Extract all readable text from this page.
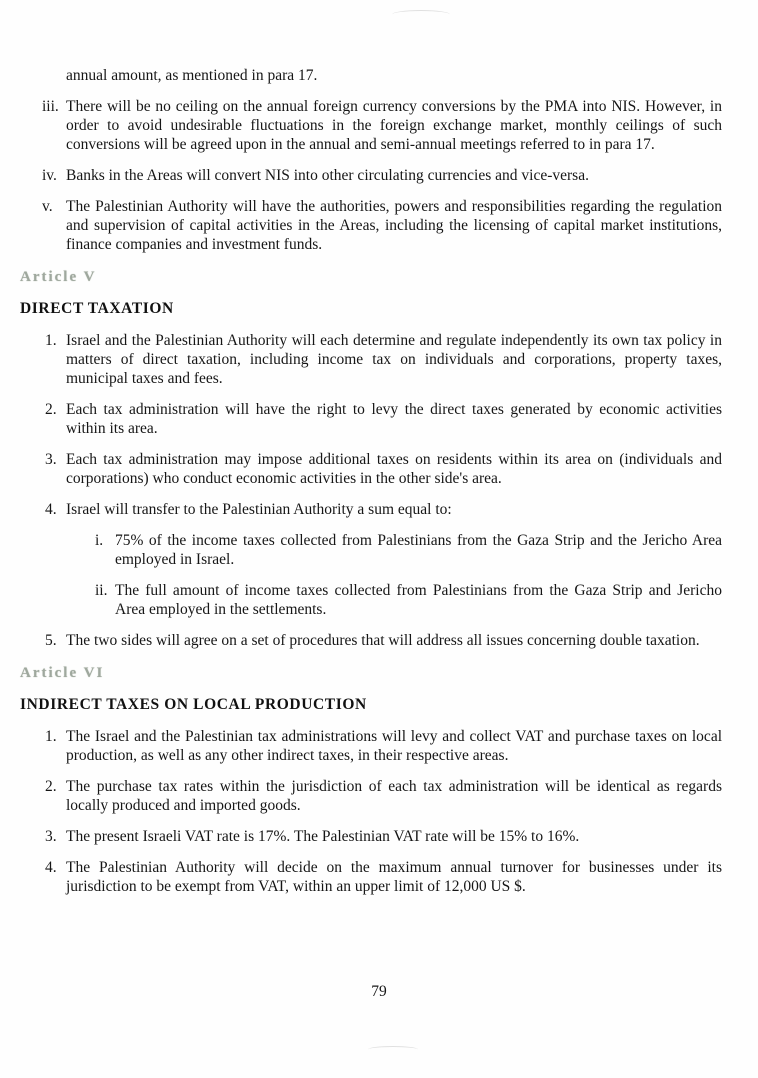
annual amount, as mentioned in para 17.

iii. There will be no ceiling on the annual foreign currency conversions by the PMA into NIS. However, in order to avoid undesirable fluctuations in the foreign exchange market, monthly ceilings of such conversions will be agreed upon in the annual and semi-annual meetings referred to in para 17.

iv. Banks in the Areas will convert NIS into other circulating currencies and vice-versa.

v. The Palestinian Authority will have the authorities, powers and responsibilities regarding the regulation and supervision of capital activities in the Areas, including the licensing of capital market institutions, finance companies and investment funds.

Article V
DIRECT TAXATION

1. Israel and the Palestinian Authority will each determine and regulate independently its own tax policy in matters of direct taxation, including income tax on individuals and corporations, property taxes, municipal taxes and fees.

2. Each tax administration will have the right to levy the direct taxes generated by economic activities within its area.

3. Each tax administration may impose additional taxes on residents within its area on (individuals and corporations) who conduct economic activities in the other side's area.

4. Israel will transfer to the Palestinian Authority a sum equal to:

i. 75% of the income taxes collected from Palestinians from the Gaza Strip and the Jericho Area employed in Israel.

ii. The full amount of income taxes collected from Palestinians from the Gaza Strip and Jericho Area employed in the settlements.

5. The two sides will agree on a set of procedures that will address all issues concerning double taxation.

Article VI
INDIRECT TAXES ON LOCAL PRODUCTION

1. The Israel and the Palestinian tax administrations will levy and collect VAT and purchase taxes on local production, as well as any other indirect taxes, in their respective areas.

2. The purchase tax rates within the jurisdiction of each tax administration will be identical as regards locally produced and imported goods.

3. The present Israeli VAT rate is 17%. The Palestinian VAT rate will be 15% to 16%.

4. The Palestinian Authority will decide on the maximum annual turnover for businesses under its jurisdiction to be exempt from VAT, within an upper limit of 12,000 US $.

79
